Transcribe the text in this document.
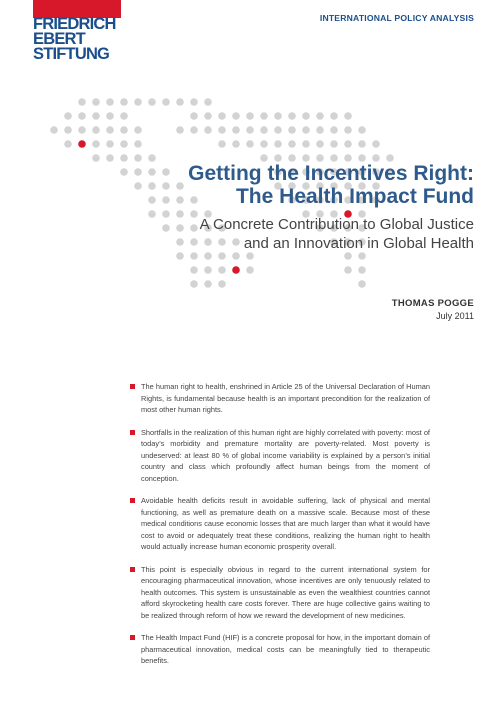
FRIEDRICH
EBERT
STIFTUNG
INTERNATIONAL POLICY ANALYSIS
Getting the Incentives Right:
The Health Impact Fund
A Concrete Contribution to Global Justice
and an Innovation in Global Health
THOMAS POGGE
July 2011
The human right to health, enshrined in Article 25 of the Universal Declaration of Human Rights, is fundamental because health is an important precondition for the realization of most other human rights.
Shortfalls in the realization of this human right are highly correlated with poverty: most of today’s morbidity and premature mortality are poverty-related. Most poverty is undeserved: at least 80 % of global income variability is explained by a person’s initial country and class which profoundly affect human beings from the moment of conception.
Avoidable health deficits result in avoidable suffering, lack of physical and mental functioning, as well as premature death on a massive scale. Because most of these medical conditions cause economic losses that are much larger than what it would have cost to avoid or adequately treat these conditions, realizing the human right to health would actually increase human economic prosperity overall.
This point is especially obvious in regard to the current international system for encouraging pharmaceutical innovation, whose incentives are only tenuously related to health outcomes. This system is unsustainable as even the wealthiest countries cannot afford skyrocketing health care costs forever. There are huge collective gains waiting to be realized through reform of how we reward the development of new medicines.
The Health Impact Fund (HIF) is a concrete proposal for how, in the important domain of pharmaceutical innovation, medical costs can be meaningfully tied to therapeutic benefits.
